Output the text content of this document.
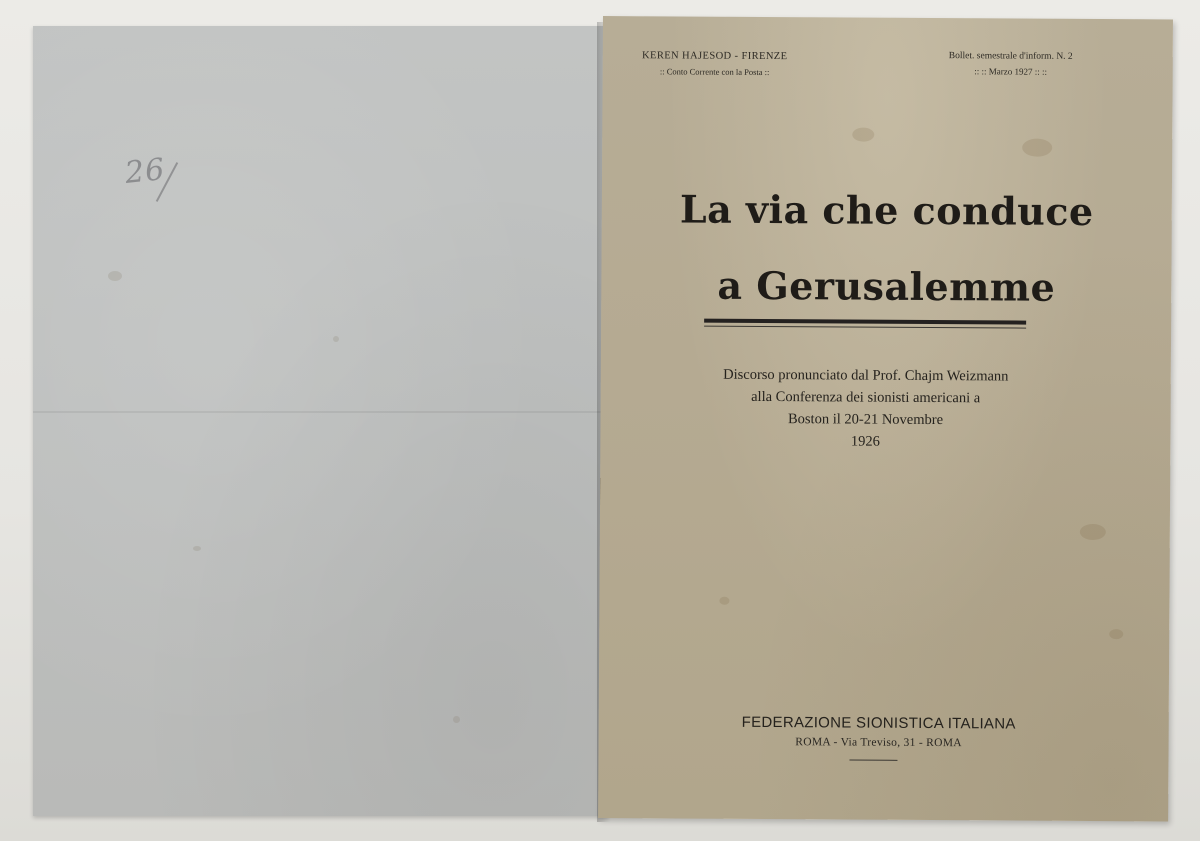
26
KEREN HAJESOD - FIRENZE
:: Conto Corrente con la Posta ::
Bollet. semestrale d'inform. N. 2
:: :: Marzo 1927 :: ::
La via che conduce
a Gerusalemme
Discorso pronunciato dal Prof. Chajm Weizmann
alla Conferenza dei sionisti americani a
Boston il 20-21 Novembre
1926
FEDERAZIONE SIONISTICA ITALIANA
ROMA - Via Treviso, 31 - ROMA
